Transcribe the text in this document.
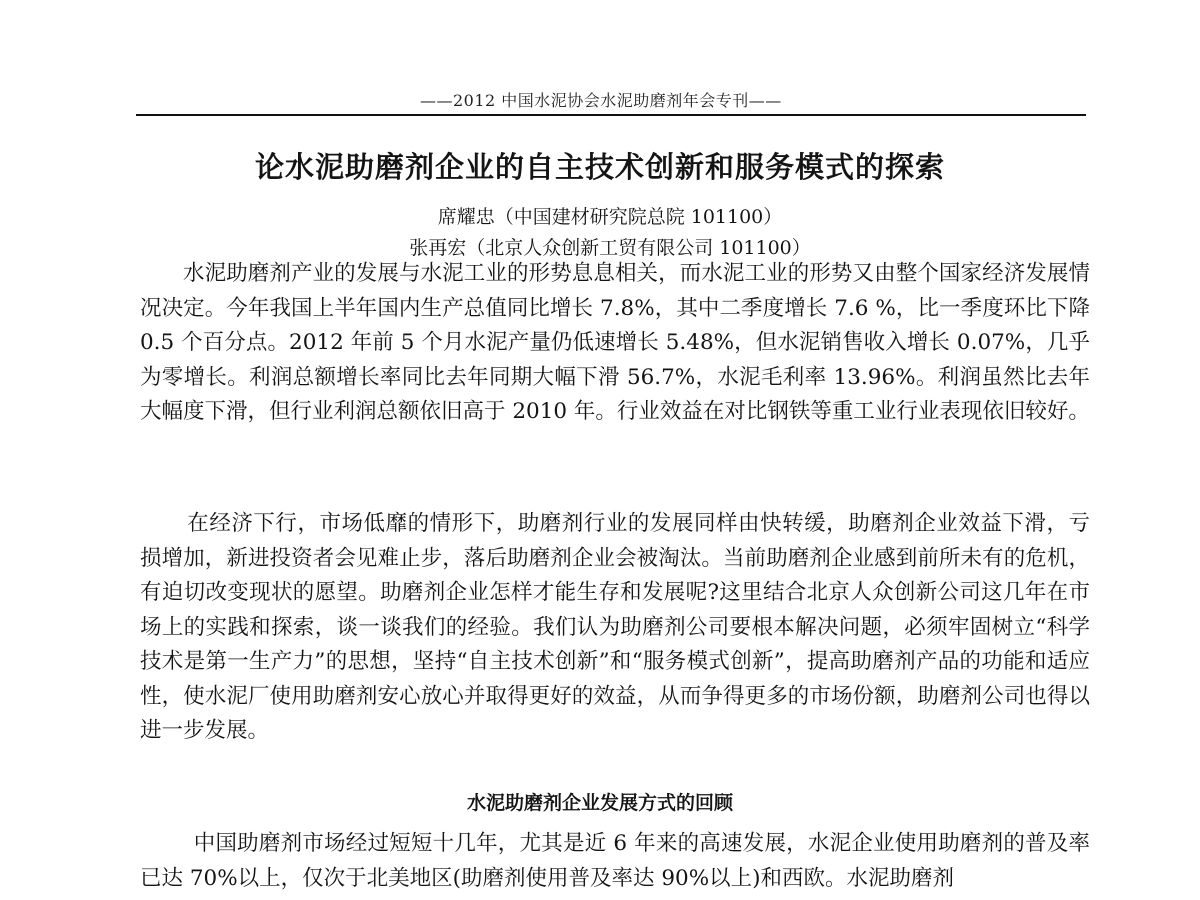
——2012 中国水泥协会水泥助磨剂年会专刊——
论水泥助磨剂企业的自主技术创新和服务模式的探索
席耀忠（中国建材研究院总院 101100）
张再宏（北京人众创新工贸有限公司 101100）
水泥助磨剂产业的发展与水泥工业的形势息息相关，而水泥工业的形势又由整个国家经济发展情况决定。今年我国上半年国内生产总值同比增长 7.8%，其中二季度增长 7.6 %，比一季度环比下降 0.5 个百分点。2012 年前 5 个月水泥产量仍低速增长 5.48%，但水泥销售收入增长 0.07%，几乎为零增长。利润总额增长率同比去年同期大幅下滑 56.7%，水泥毛利率 13.96%。利润虽然比去年大幅度下滑，但行业利润总额依旧高于 2010 年。行业效益在对比钢铁等重工业行业表现依旧较好。
在经济下行，市场低靡的情形下，助磨剂行业的发展同样由快转缓，助磨剂企业效益下滑，亏损增加，新进投资者会见难止步，落后助磨剂企业会被淘汰。当前助磨剂企业感到前所未有的危机，有迫切改变现状的愿望。助磨剂企业怎样才能生存和发展呢?这里结合北京人众创新公司这几年在市场上的实践和探索，谈一谈我们的经验。我们认为助磨剂公司要根本解决问题，必须牢固树立“科学技术是第一生产力”的思想，坚持“自主技术创新”和“服务模式创新”，提高助磨剂产品的功能和适应性，使水泥厂使用助磨剂安心放心并取得更好的效益，从而争得更多的市场份额，助磨剂公司也得以进一步发展。
水泥助磨剂企业发展方式的回顾
中国助磨剂市场经过短短十几年，尤其是近 6 年来的高速发展，水泥企业使用助磨剂的普及率已达 70%以上，仅次于北美地区(助磨剂使用普及率达 90%以上)和西欧。水泥助磨剂
